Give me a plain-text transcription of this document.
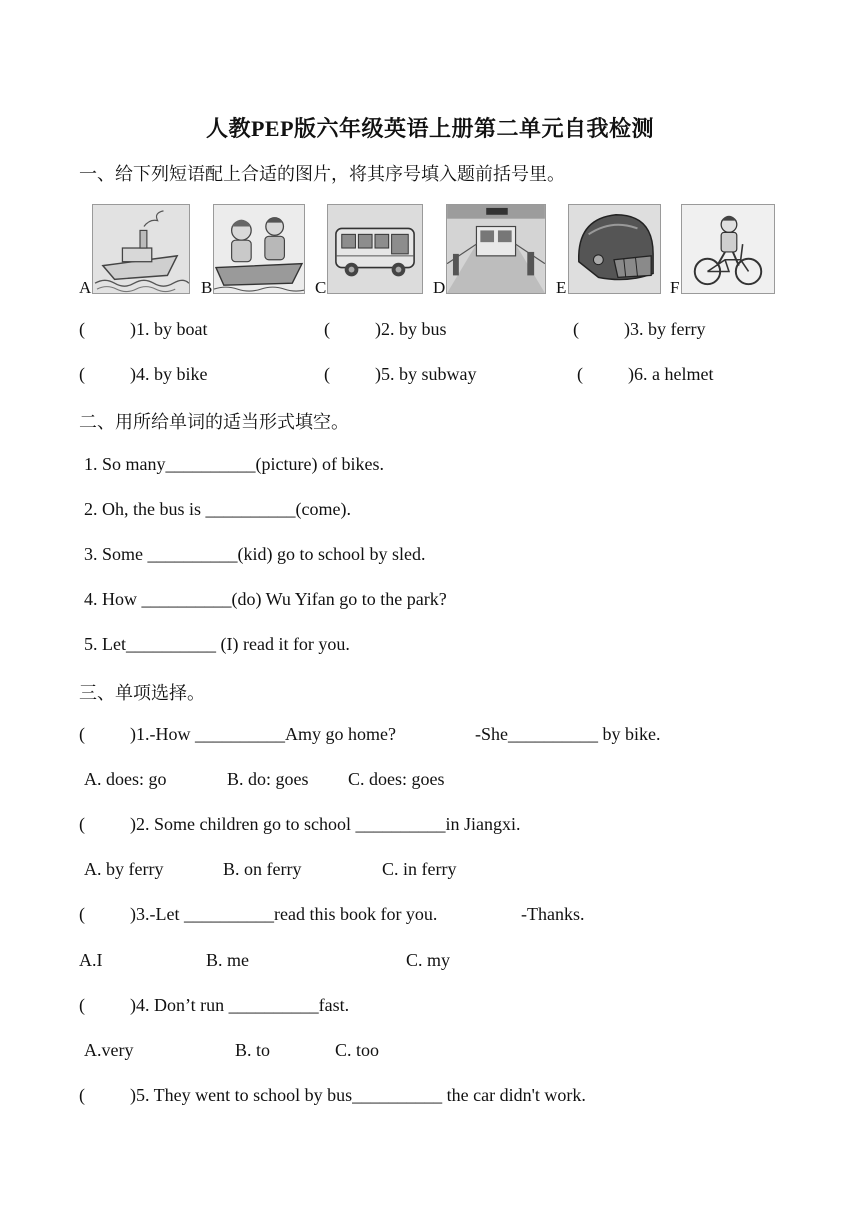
人教PEP版六年级英语上册第二单元自我检测
一、给下列短语配上合适的图片，将其序号填入题前括号里。
A	B	C	D	E	F
(          )1. by boat	(          )2. by bus	(          )3. by ferry
(          )4. by bike	(          )5. by subway	(          )6. a helmet
二、用所给单词的适当形式填空。
1. So many__________(picture) of bikes.
2. Oh, the bus is __________(come).
3. Some __________(kid) go to school by sled.
4. How __________(do) Wu Yifan go to the park?
5. Let__________ (I) read it for you.
三、单项选择。
(          )1.-How __________Amy go home?	-She__________ by bike.
A. does: go	B. do: goes C. does: goes
(          )2. Some children go to school __________in Jiangxi.
A. by ferry	B. on ferry	C. in ferry
(          )3.-Let __________read this book for you.	-Thanks.
A.I	B. me	C. my
(          )4. Don’t run __________fast.
A.very	B. to	C. too
(          )5. They went to school by bus__________ the car didn't work.
